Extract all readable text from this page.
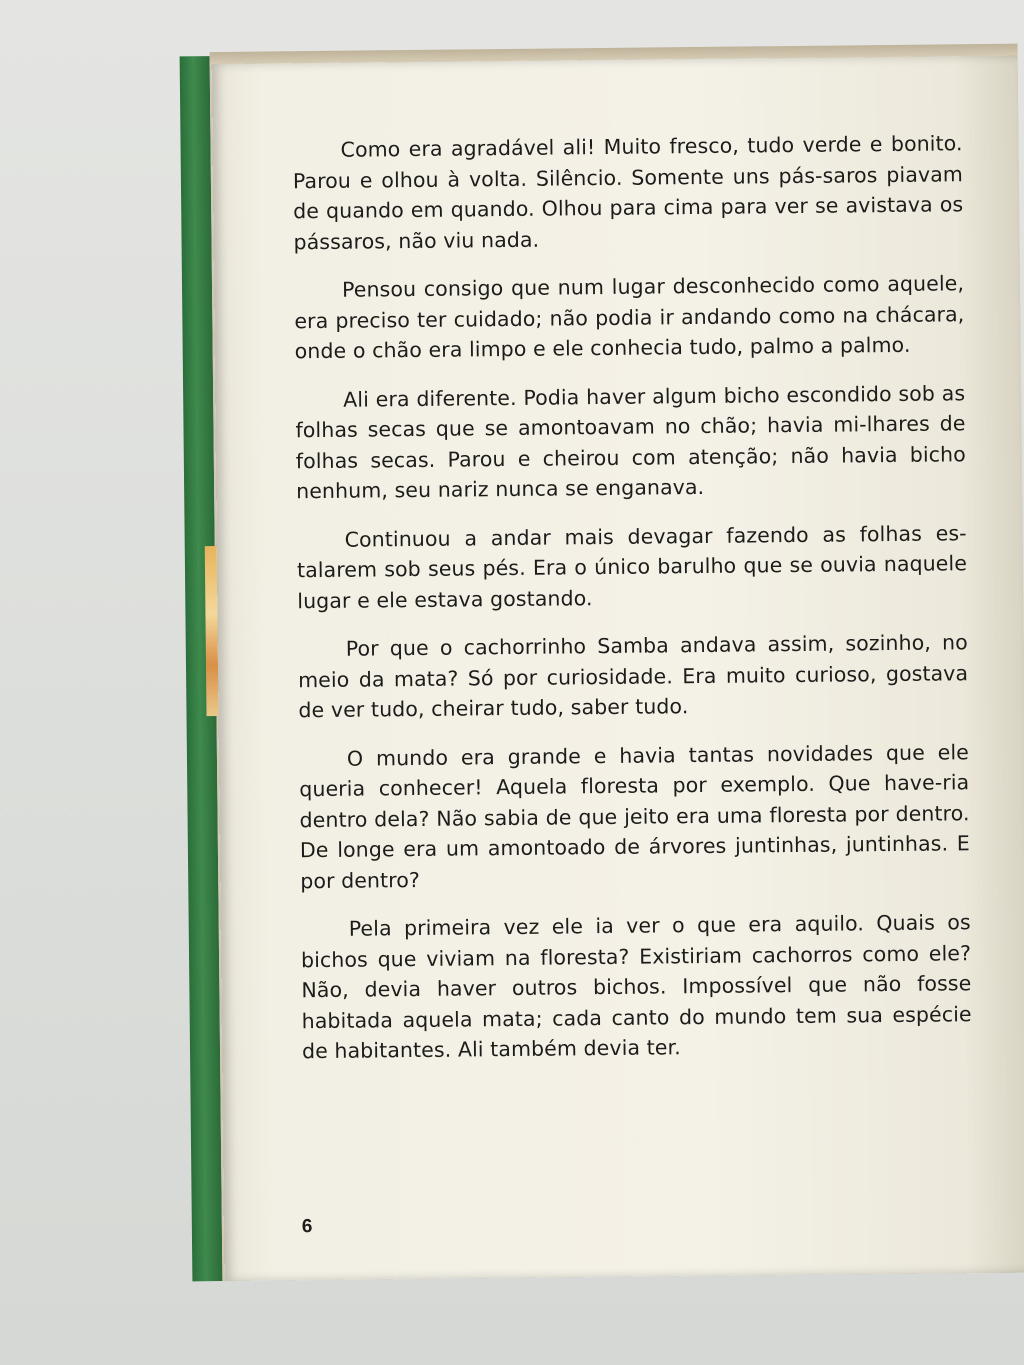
Como era agradável ali! Muito fresco, tudo verde e bonito. Parou e olhou à volta. Silêncio. Somente uns pás-saros piavam de quando em quando. Olhou para cima para ver se avistava os pássaros, não viu nada.

Pensou consigo que num lugar desconhecido como aquele, era preciso ter cuidado; não podia ir andando como na chácara, onde o chão era limpo e ele conhecia tudo, palmo a palmo.

Ali era diferente. Podia haver algum bicho escondido sob as folhas secas que se amontoavam no chão; havia mi-lhares de folhas secas. Parou e cheirou com atenção; não havia bicho nenhum, seu nariz nunca se enganava.

Continuou a andar mais devagar fazendo as folhas es-talarem sob seus pés. Era o único barulho que se ouvia naquele lugar e ele estava gostando.

Por que o cachorrinho Samba andava assim, sozinho, no meio da mata? Só por curiosidade. Era muito curioso, gostava de ver tudo, cheirar tudo, saber tudo.

O mundo era grande e havia tantas novidades que ele queria conhecer! Aquela floresta por exemplo. Que have-ria dentro dela? Não sabia de que jeito era uma floresta por dentro. De longe era um amontoado de árvores juntinhas, juntinhas. E por dentro?

Pela primeira vez ele ia ver o que era aquilo. Quais os bichos que viviam na floresta? Existiriam cachorros como ele? Não, devia haver outros bichos. Impossível que não fosse habitada aquela mata; cada canto do mundo tem sua espécie de habitantes. Ali também devia ter.

6
